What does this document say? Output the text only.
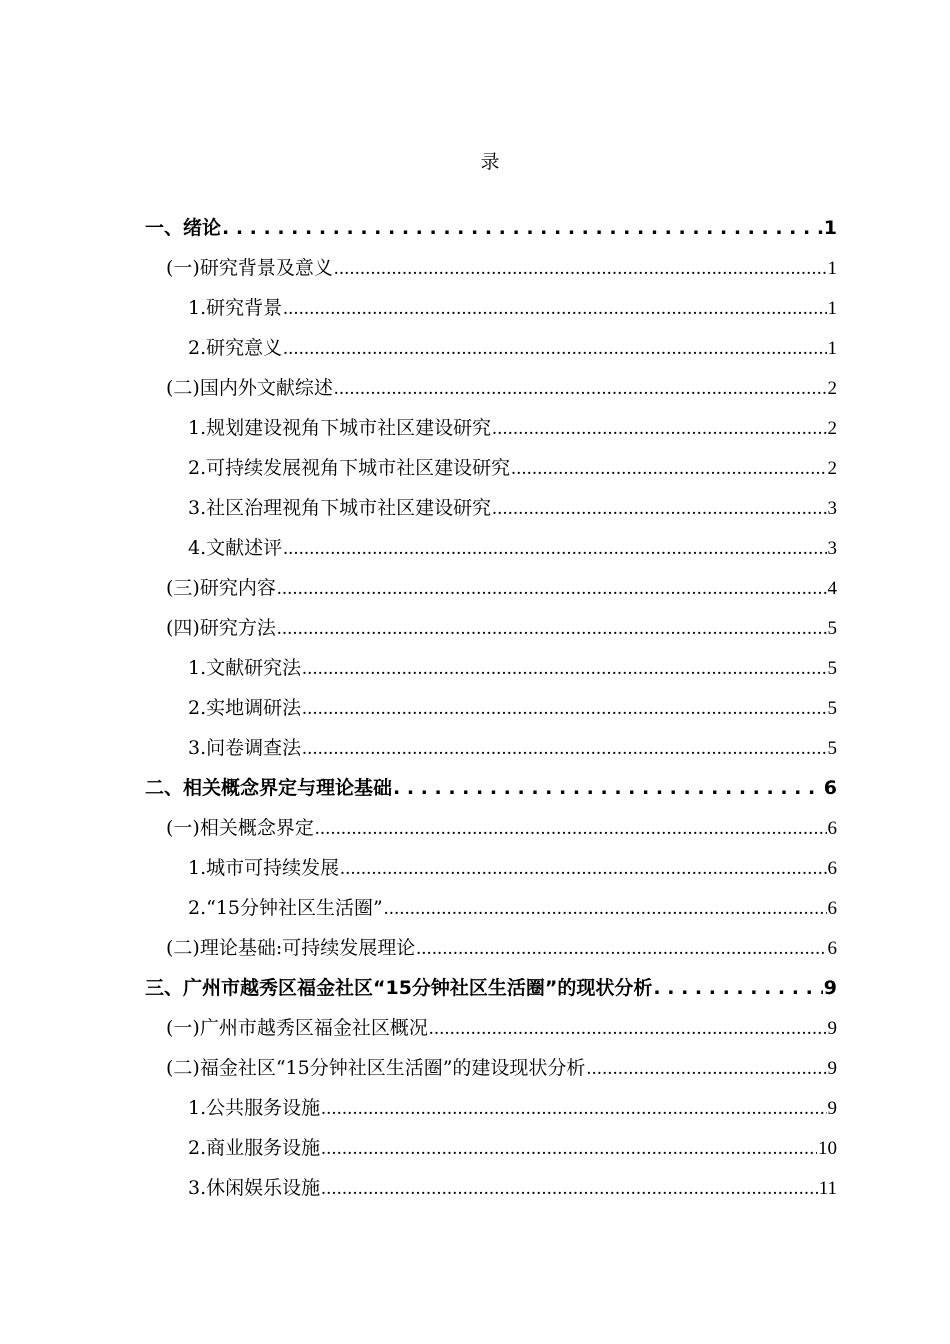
录
一、绪论 . . .	1
(一)研究背景及意义 .....	1
1.研究背景 .....	1
2.研究意义 .....	1
(二)国内外文献综述 .....	2
1.规划建设视角下城市社区建设研究 .....	2
2.可持续发展视角下城市社区建设研究 .....	2
3.社区治理视角下城市社区建设研究 .....	3
4.文献述评 .....	3
(三)研究内容 .....	4
(四)研究方法 .....	5
1.文献研究法 .....	5
2.实地调研法 .....	5
3.问卷调查法 .....	5
二、相关概念界定与理论基础 . . .	6
(一)相关概念界定 .....	6
1.城市可持续发展 .....	6
2.“15分钟社区生活圈” .....	6
(二)理论基础:可持续发展理论 .....	6
三、广州市越秀区福金社区“15分钟社区生活圈”的现状分析 . . .	9
(一)广州市越秀区福金社区概况 .....	9
(二)福金社区“15分钟社区生活圈”的建设现状分析 .....	9
1.公共服务设施 .....	9
2.商业服务设施 .....	10
3.休闲娱乐设施 .....	11
